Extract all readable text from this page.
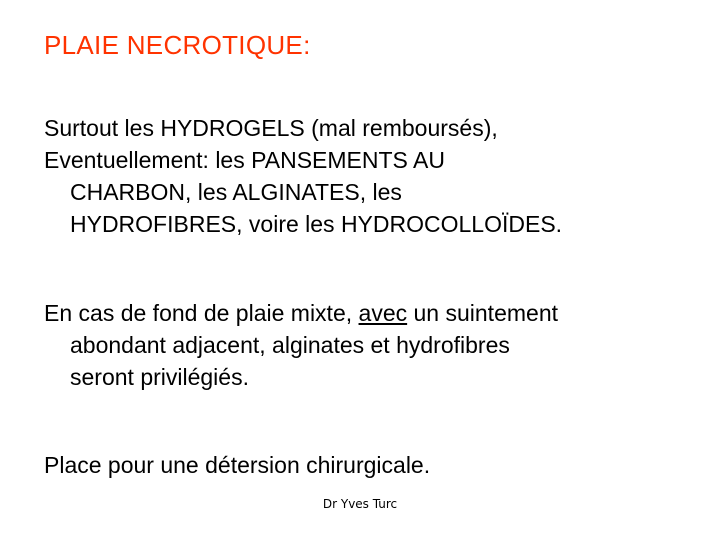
PLAIE NECROTIQUE:
Surtout les HYDROGELS (mal remboursés),
Eventuellement: les PANSEMENTS AU
CHARBON, les ALGINATES, les
HYDROFIBRES, voire les HYDROCOLLOÏDES.
En cas de fond de plaie mixte, avec un suintement
abondant adjacent, alginates et hydrofibres
seront privilégiés.
Place pour une détersion chirurgicale.
Dr Yves Turc
